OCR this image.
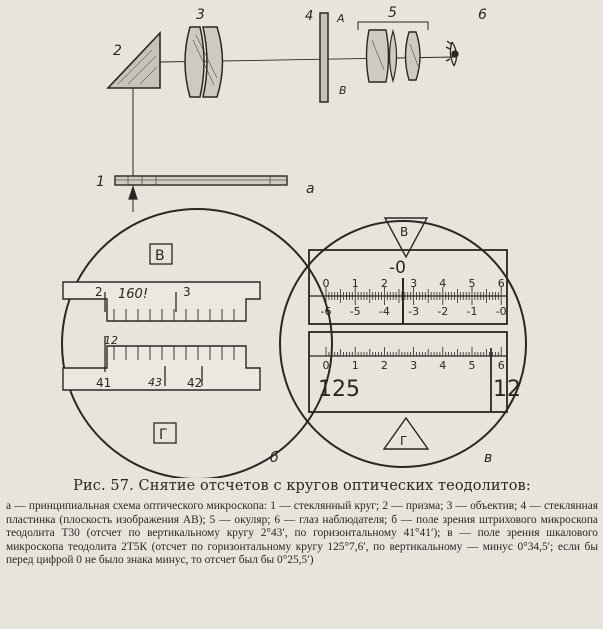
2
3	4 A
B
5	6
1	а
б	в
В
2 160!	3
12
41	43 42
Г
В
Г
-0
0 1 2 3 4 5 6
-6 -5 -4 -3 -2 -1 -0
0 1 2 3 4 5 6
125	12

Рис. 57. Снятие отсчетов с кругов оптических теодолитов:

а — принципиальная схема оптического микроскопа: 1 — стеклянный круг; 2 — призма; 3 — объектив; 4 — стеклянная пластинка (плоскость изображения АВ); 5 — окуляр; 6 — глаз наблюдателя; б — поле зрения штрихового микроскопа теодолита Т30 (отсчет по вертикальному кругу 2°43′, по горизонтальному 41°41′); в — поле зрения шкалового микроскопа теодолита 2Т5К (отсчет по горизонтальному кругу 125°7,6′, по вертикальному — минус 0°34,5′; если бы перед цифрой 0 не было знака минус, то отсчет был бы 0°25,5′)
